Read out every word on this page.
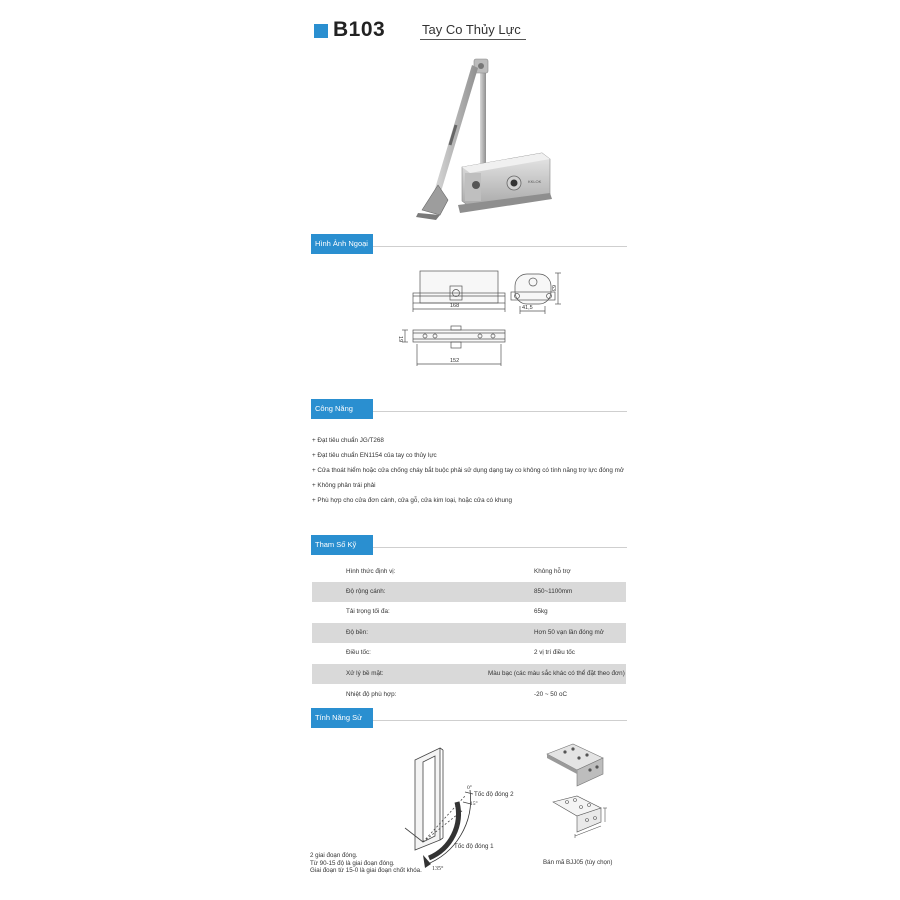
B103	Tay Co Thủy Lực
KKLOK
Hình Ảnh Ngoại Quan
168	41,5
63
19
152
Công Năng Chính
+ Đạt tiêu chuẩn JG/T268
+ Đạt tiêu chuẩn EN1154 của tay co thủy lực
+ Cửa thoát hiểm hoặc cửa chống cháy bắt buộc phải sử dụng dạng tay co không có tính năng trợ lực đóng mở
+ Không phân trái phải
+ Phù hợp cho cửa đơn cánh, cửa gỗ, cửa kim loại, hoặc cửa có khung
Tham Số Kỹ Thuật
Hình thức định vị:	Không hỗ trợ
Độ rộng cánh:	850~1100mm
Tải trọng tối đa:	65kg
Độ bền:	Hơn 50 vạn lần đóng mở
Điều tốc:	2 vị trí điều tốc
Xử lý bề mặt:	Màu bạc (các màu sắc khác có thể đặt theo đơn)
Nhiệt độ phù hợp:	-20 ~ 50 oC
Tính Năng Sử Dụng
0°
15°
135°
Tốc độ đóng 2
Tốc độ đóng 1
2 giai đoạn đóng.
Từ 90-15 độ là giai đoạn đóng.
Giai đoạn từ 15-0 là giai đoạn chốt khóa.
Bán mã BJJ05 (tùy chọn)
